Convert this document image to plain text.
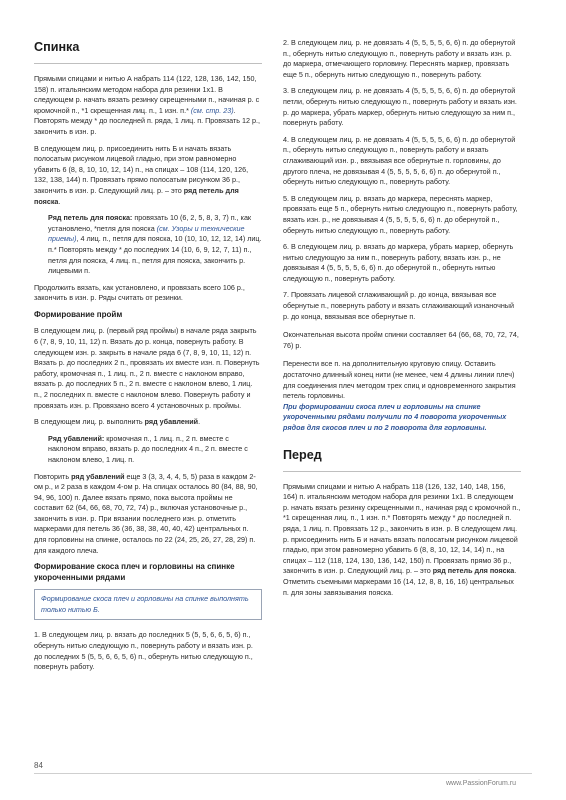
Спинка

Прямыми спицами и нитью А набрать 114 (122, 128, 136, 142, 150, 158) п. итальянским методом набора для резинки 1х1. В следующем р. начать вязать резинку скрещенными п., начиная р. с кромочной п., *1 скрещенная лиц. п., 1 изн. п.* (см. стр. 23). Повторять между * до последней п. ряда, 1 лиц. п. Провязать 12 р., закончить в изн. р.

В следующем лиц. р. присоединить нить Б и начать вязать полосатым рисунком лицевой гладью, при этом равномерно убавить 6 (8, 8, 10, 10, 12, 14) п., на спицах – 108 (114, 120, 126, 132, 138, 144) п. Провязать прямо полосатым рисунком 36 р., закончить в изн. р. Следующий лиц. р. – это ряд петель для пояска.

Ряд петель для пояска: провязать 10 (6, 2, 5, 8, 3, 7) п., как установлено, *петля для пояска (см. Узоры и технические приемы), 4 лиц. п., петля для пояска, 10 (10, 10, 12, 12, 14) лиц. п.* Повторять между * до последних 14 (10, 6, 9, 12, 7, 11) п., петля для пояска, 4 лиц. п., петля для пояска, закончить р. лицевыми п.

Продолжить вязать, как установлено, и провязать всего 106 р., закончить в изн. р. Ряды считать от резинки.

Формирование пройм

В следующем лиц. р. (первый ряд проймы) в начале ряда закрыть 6 (7, 8, 9, 10, 11, 12) п. Вязать до р. конца, повернуть работу. В следующем изн. р. закрыть в начале ряда 6 (7, 8, 9, 10, 11, 12) п. Вязать р. до последних 2 п., провязать их вместе изн. п. Повернуть работу, кромочная п., 1 лиц. п., 2 п. вместе с наклоном вправо, вязать р. до последних 5 п., 2 п. вместе с наклоном влево, 1 лиц. п., 2 последних п. вместе с наклоном влево. Повернуть работу и провязать изн. р. Провязано всего 4 установочных р. проймы.

В следующем лиц. р. выполнить ряд убавлений.

Ряд убавлений: кромочная п., 1 лиц. п., 2 п. вместе с наклоном вправо, вязать р. до последних 4 п., 2 п. вместе с наклоном влево, 1 лиц. п.

Повторить ряд убавлений еще 3 (3, 3, 4, 4, 5, 5) раза в каждом 2-ом р., и 2 раза в каждом 4-ом р. На спицах осталось 80 (84, 88, 90, 94, 96, 100) п. Далее вязать прямо, пока высота проймы не составит 62 (64, 66, 68, 70, 72, 74) р., включая установочные р., закончить в изн. р. При вязании последнего изн. р. отметить маркерами для петель 36 (36, 38, 38, 40, 40, 42) центральных п. для горловины на спинке, осталось по 22 (24, 25, 26, 27, 28, 29) п. для каждого плеча.

Формирование скоса плеч и горловины на спинке укороченными рядами
Формирование скоса плеч и горловины на спинке выполнять только нитью Б.

1. В следующем лиц. р. вязать до последних 5 (5, 5, 6, 6, 5, 6) п., обернуть нитью следующую п., повернуть работу и вязать изн. р. до последних 5 (5, 5, 6, 6, 5, 6) п., обернуть нитью следующую п., повернуть работу.

2. В следующем лиц. р. не довязать 4 (5, 5, 5, 5, 6, 6) п. до обернутой п., обернуть нитью следующую п., повернуть работу и вязать изн. р. до маркера, отмечающего горловину. Переснять маркер, провязать еще 5 п., обернуть нитью следующую п., повернуть работу.

3. В следующем лиц. р. не довязать 4 (5, 5, 5, 5, 6, 6) п. до обернутой петли, обернуть нитью следующую п., повернуть работу и вязать изн. р. до маркера, убрать маркер, обернуть нитью следующую за ним п., повернуть работу.

4. В следующем лиц. р. не довязать 4 (5, 5, 5, 5, 6, 6) п. до обернутой п., обернуть нитью следующую п., повернуть работу и вязать сглаживающий изн. р., ввязывая все обернутые п. горловины, до другого плеча, не довязывая 4 (5, 5, 5, 5, 6, 6) п. до обернутой п., обернуть нитью следующую п., повернуть работу.

5. В следующем лиц. р. вязать до маркера, переснять маркер, провязать еще 5 п., обернуть нитью следующую п., повернуть работу, вязать изн. р., не довязывая 4 (5, 5, 5, 5, 6, 6) п. до обернутой п., обернуть нитью следующую п., повернуть работу.

6. В следующем лиц. р. вязать до маркера, убрать маркер, обернуть нитью следующую за ним п., повернуть работу, вязать изн. р., не довязывая 4 (5, 5, 5, 5, 6, 6) п. до обернутой п., обернуть нитью следующую п., повернуть работу.

7. Провязать лицевой сглаживающий р. до конца, ввязывая все обернутые п., повернуть работу и вязать сглаживающий изнаночный р. до конца, ввязывая все обернутые п.

Окончательная высота пройм спинки составляет 64 (66, 68, 70, 72, 74, 76) р.

Перенести все п. на дополнительную круговую спицу. Оставить достаточно длинный конец нити (не менее, чем 4 длины линии плеч) для соединения плеч методом трех спиц и одновременного закрытия петель горловины.

При формировании скоса плеч и горловины на спинке укороченными рядами получили по 4 поворота укороченных рядов для скосов плеч и по 2 поворота для горловины.

Перед

Прямыми спицами и нитью А набрать 118 (126, 132, 140, 148, 156, 164) п. итальянским методом набора для резинки 1х1. В следующем р. начать вязать резинку скрещенными п., начиная ряд с кромочной п., *1 скрещенная лиц. п., 1 изн. п.* Повторять между * до последней п. ряда, 1 лиц. п. Провязать 12 р., закончить в изн. р. В следующем лиц. р. присоединить нить Б и начать вязать полосатым рисунком лицевой гладью, при этом равномерно убавить 6 (8, 8, 10, 12, 14, 14) п., на спицах – 112 (118, 124, 130, 136, 142, 150) п. Провязать прямо 36 р., закончить в изн. р. Следующий лиц. р. – это ряд петель для пояска. Отметить съемными маркерами 16 (14, 12, 8, 8, 16, 16) центральных п. для зоны завязывания пояска.

84
www.PassionForum.ru
